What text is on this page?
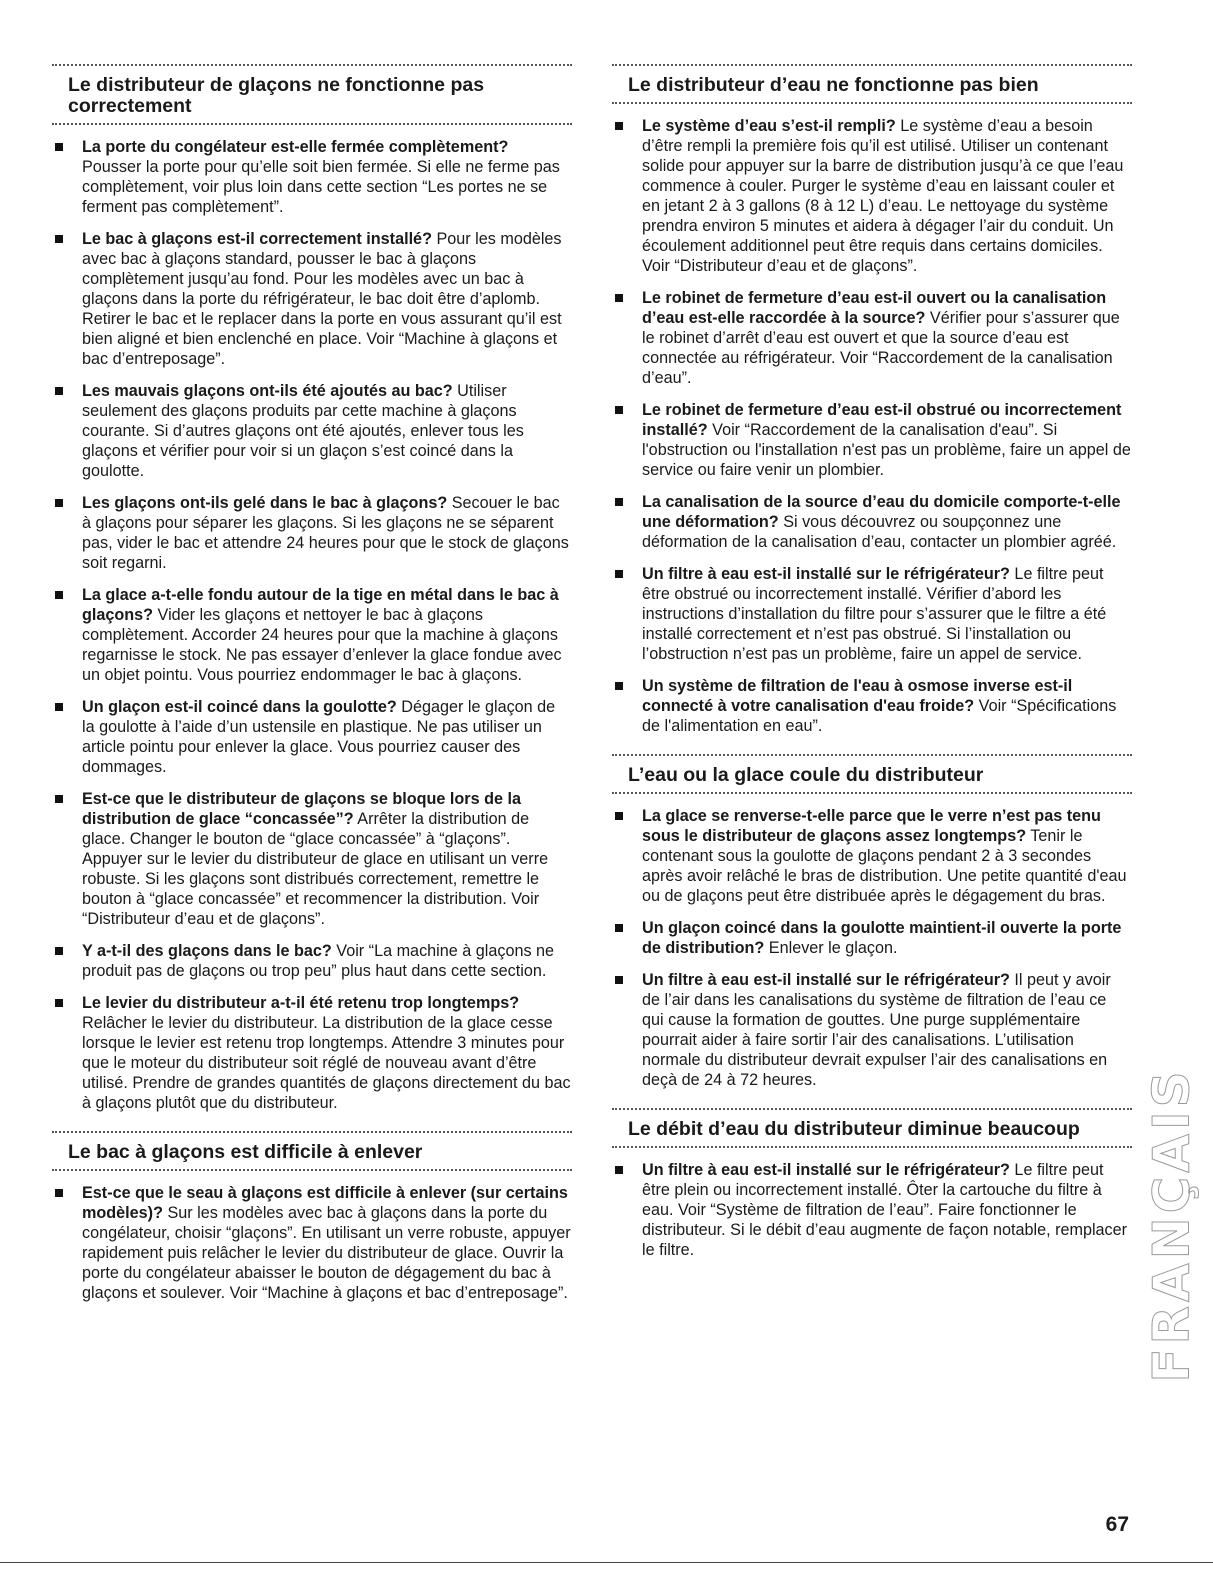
Le distributeur de glaçons ne fonctionne pas correctement
La porte du congélateur est-elle fermée complètement? Pousser la porte pour qu’elle soit bien fermée. Si elle ne ferme pas complètement, voir plus loin dans cette section “Les portes ne se ferment pas complètement”.
Le bac à glaçons est-il correctement installé? Pour les modèles avec bac à glaçons standard, pousser le bac à glaçons complètement jusqu’au fond. Pour les modèles avec un bac à glaçons dans la porte du réfrigérateur, le bac doit être d’aplomb. Retirer le bac et le replacer dans la porte en vous assurant qu’il est bien aligné et bien enclenché en place. Voir “Machine à glaçons et bac d’entreposage”.
Les mauvais glaçons ont-ils été ajoutés au bac? Utiliser seulement des glaçons produits par cette machine à glaçons courante. Si d’autres glaçons ont été ajoutés, enlever tous les glaçons et vérifier pour voir si un glaçon s’est coincé dans la goulotte.
Les glaçons ont-ils gelé dans le bac à glaçons? Secouer le bac à glaçons pour séparer les glaçons. Si les glaçons ne se séparent pas, vider le bac et attendre 24 heures pour que le stock de glaçons soit regarni.
La glace a-t-elle fondu autour de la tige en métal dans le bac à glaçons? Vider les glaçons et nettoyer le bac à glaçons complètement. Accorder 24 heures pour que la machine à glaçons regarnisse le stock. Ne pas essayer d’enlever la glace fondue avec un objet pointu. Vous pourriez endommager le bac à glaçons.
Un glaçon est-il coincé dans la goulotte? Dégager le glaçon de la goulotte à l’aide d’un ustensile en plastique. Ne pas utiliser un article pointu pour enlever la glace. Vous pourriez causer des dommages.
Est-ce que le distributeur de glaçons se bloque lors de la distribution de glace “concassée”? Arrêter la distribution de glace. Changer le bouton de “glace concassée” à “glaçons”. Appuyer sur le levier du distributeur de glace en utilisant un verre robuste. Si les glaçons sont distribués correctement, remettre le bouton à “glace concassée” et recommencer la distribution. Voir “Distributeur d’eau et de glaçons”.
Y a-t-il des glaçons dans le bac? Voir “La machine à glaçons ne produit pas de glaçons ou trop peu” plus haut dans cette section.
Le levier du distributeur a-t-il été retenu trop longtemps? Relâcher le levier du distributeur. La distribution de la glace cesse lorsque le levier est retenu trop longtemps. Attendre 3 minutes pour que le moteur du distributeur soit réglé de nouveau avant d’être utilisé. Prendre de grandes quantités de glaçons directement du bac à glaçons plutôt que du distributeur.
Le bac à glaçons est difficile à enlever
Est-ce que le seau à glaçons est difficile à enlever (sur certains modèles)? Sur les modèles avec bac à glaçons dans la porte du congélateur, choisir “glaçons”. En utilisant un verre robuste, appuyer rapidement puis relâcher le levier du distributeur de glace. Ouvrir la porte du congélateur abaisser le bouton de dégagement du bac à glaçons et soulever. Voir “Machine à glaçons et bac d’entreposage”.
Le distributeur d’eau ne fonctionne pas bien
Le système d’eau s’est-il rempli? Le système d’eau a besoin d’être rempli la première fois qu’il est utilisé. Utiliser un contenant solide pour appuyer sur la barre de distribution jusqu’à ce que l’eau commence à couler. Purger le système d’eau en laissant couler et en jetant 2 à 3 gallons (8 à 12 L) d’eau. Le nettoyage du système prendra environ 5 minutes et aidera à dégager l’air du conduit. Un écoulement additionnel peut être requis dans certains domiciles. Voir “Distributeur d’eau et de glaçons”.
Le robinet de fermeture d’eau est-il ouvert ou la canalisation d’eau est-elle raccordée à la source? Vérifier pour s’assurer que le robinet d’arrêt d’eau est ouvert et que la source d’eau est connectée au réfrigérateur. Voir “Raccordement de la canalisation d’eau”.
Le robinet de fermeture d’eau est-il obstrué ou incorrectement installé? Voir “Raccordement de la canalisation d'eau”. Si l'obstruction ou l'installation n'est pas un problème, faire un appel de service ou faire venir un plombier.
La canalisation de la source d’eau du domicile comporte-t-elle une déformation? Si vous découvrez ou soupçonnez une déformation de la canalisation d’eau, contacter un plombier agréé.
Un filtre à eau est-il installé sur le réfrigérateur? Le filtre peut être obstrué ou incorrectement installé. Vérifier d’abord les instructions d’installation du filtre pour s’assurer que le filtre a été installé correctement et n’est pas obstrué. Si l’installation ou l’obstruction n’est pas un problème, faire un appel de service.
Un système de filtration de l'eau à osmose inverse est-il connecté à votre canalisation d'eau froide? Voir “Spécifications de l'alimentation en eau”.
L’eau ou la glace coule du distributeur
La glace se renverse-t-elle parce que le verre n’est pas tenu sous le distributeur de glaçons assez longtemps? Tenir le contenant sous la goulotte de glaçons pendant 2 à 3 secondes après avoir relâché le bras de distribution. Une petite quantité d'eau ou de glaçons peut être distribuée après le dégagement du bras.
Un glaçon coincé dans la goulotte maintient-il ouverte la porte de distribution? Enlever le glaçon.
Un filtre à eau est-il installé sur le réfrigérateur? Il peut y avoir de l’air dans les canalisations du système de filtration de l’eau ce qui cause la formation de gouttes. Une purge supplémentaire pourrait aider à faire sortir l’air des canalisations. L’utilisation normale du distributeur devrait expulser l’air des canalisations en deçà de 24 à 72 heures.
Le débit d’eau du distributeur diminue beaucoup
Un filtre à eau est-il installé sur le réfrigérateur? Le filtre peut être plein ou incorrectement installé. Ôter la cartouche du filtre à eau. Voir “Système de filtration de l’eau”. Faire fonctionner le distributeur. Si le débit d’eau augmente de façon notable, remplacer le filtre.	FRANÇAIS
67
